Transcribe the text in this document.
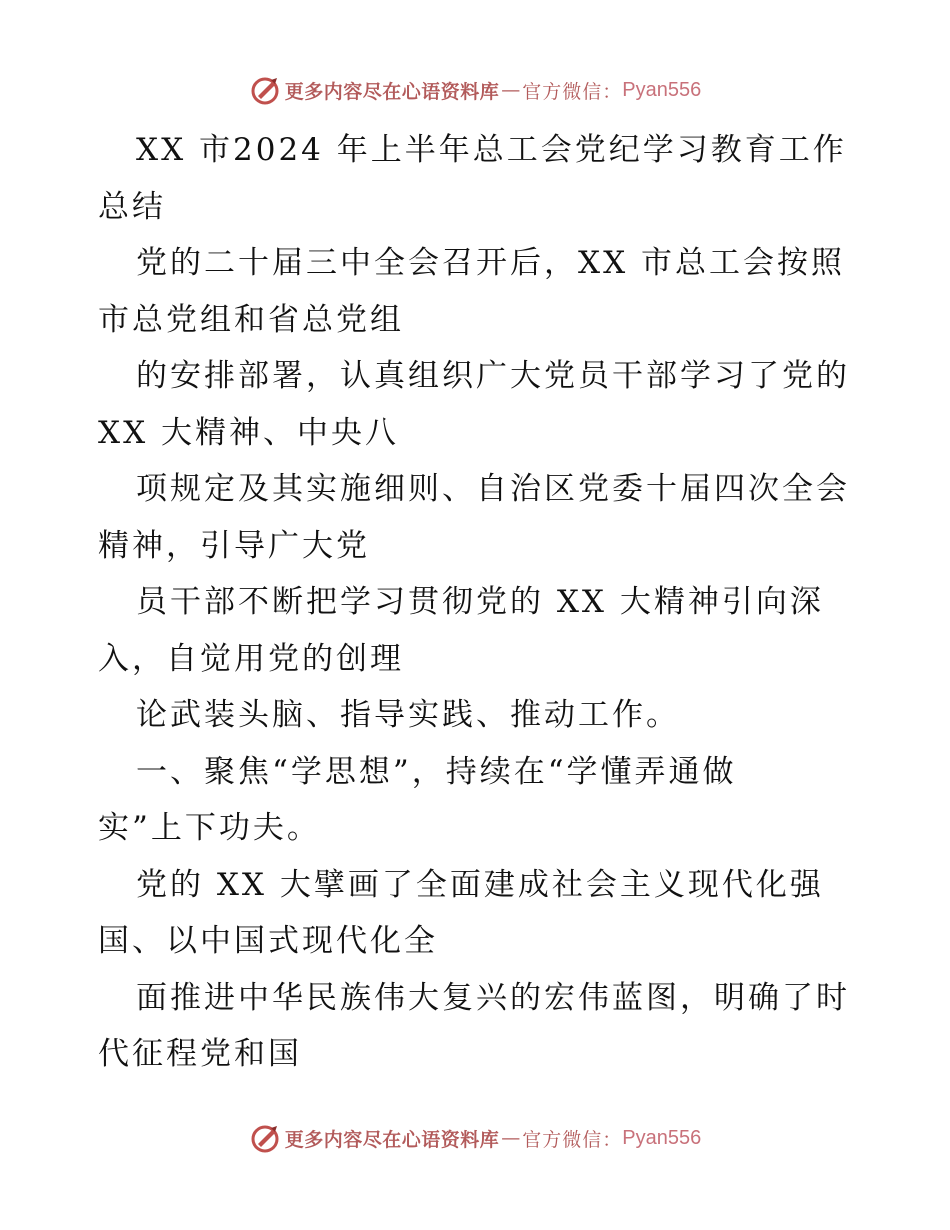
更多内容尽在心语资料库 — 官方微信： Pyan556
XX 市2024 年上半年总工会党纪学习教育工作
总结
党的二十届三中全会召开后，XX 市总工会按照
市总党组和省总党组
的安排部署，认真组织广大党员干部学习了党的
XX 大精神、中央八
项规定及其实施细则、自治区党委十届四次全会
精神，引导广大党
员干部不断把学习贯彻党的 XX 大精神引向深
入，自觉用党的创理
论武装头脑、指导实践、推动工作。
一、聚焦“学思想”，持续在“学懂弄通做
实”上下功夫。
党的 XX 大擘画了全面建成社会主义现代化强
国、以中国式现代化全
面推进中华民族伟大复兴的宏伟蓝图，明确了时
代征程党和国
更多内容尽在心语资料库 — 官方微信： Pyan556
